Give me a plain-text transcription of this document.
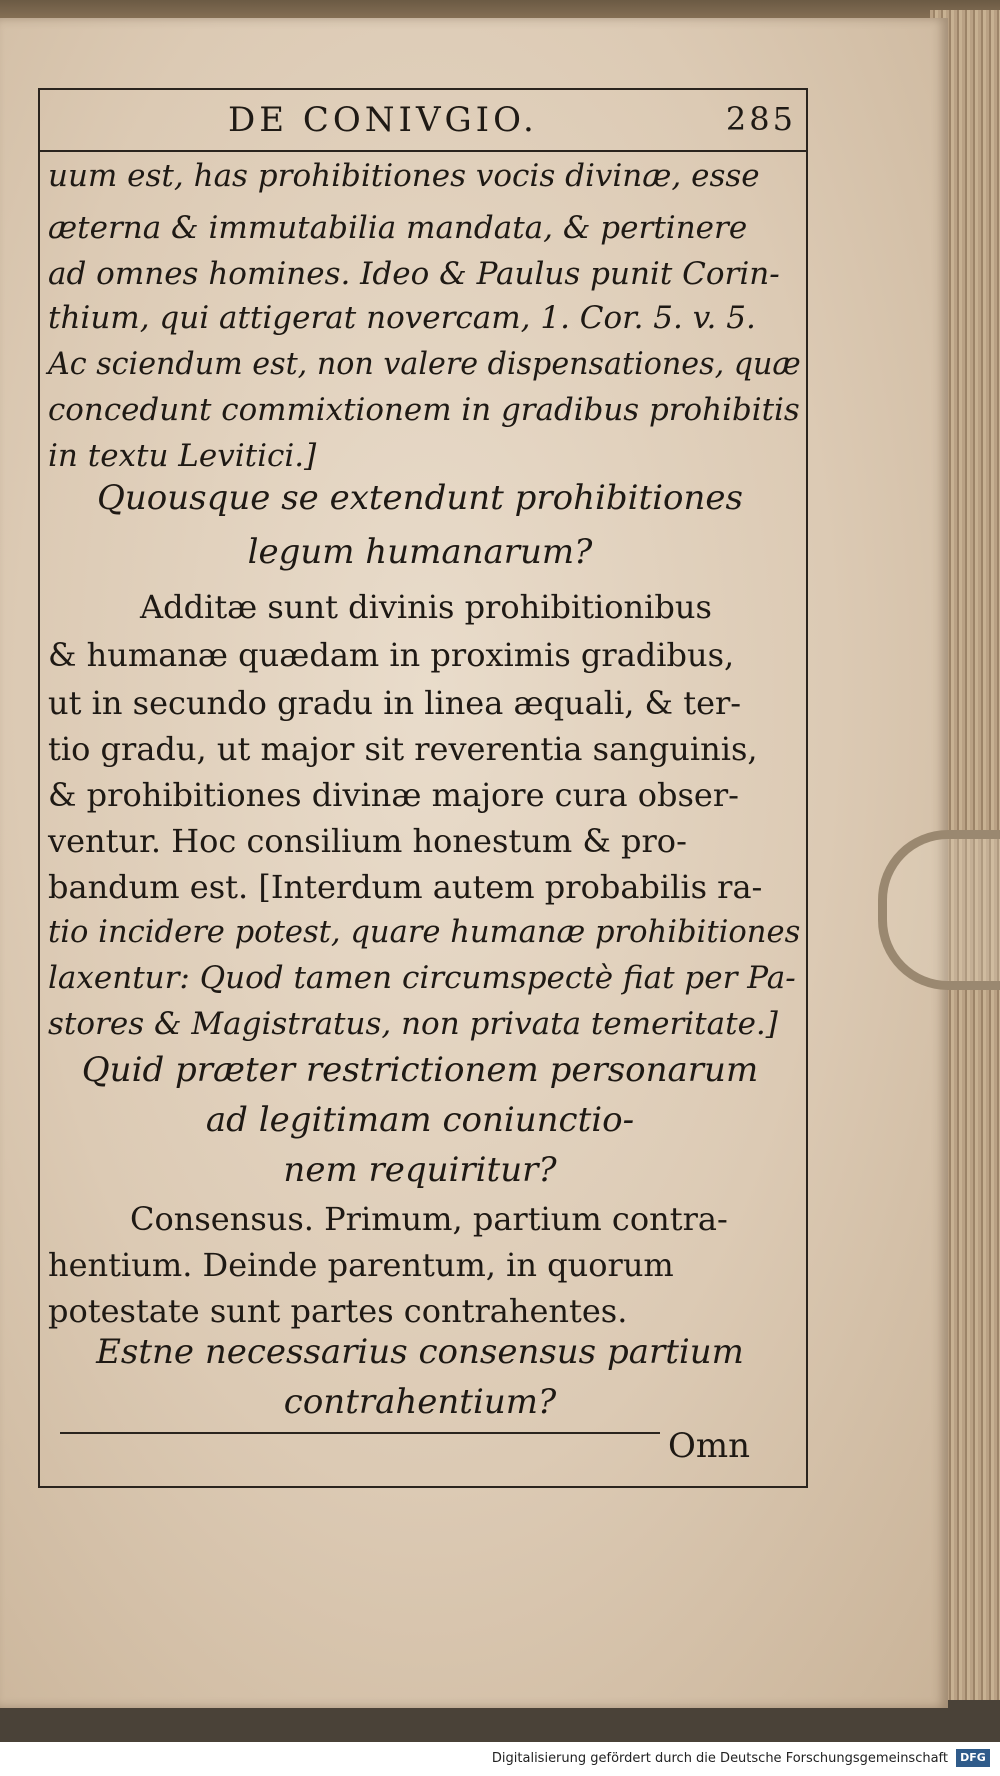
DE CONIVGIO.	285
uum est, has prohibitiones vocis divinæ, esse
æterna & immutabilia mandata, & pertinere
ad omnes homines. Ideo & Paulus punit Corin-
thium, qui attigerat novercam, 1. Cor. 5. v. 5.
Ac sciendum est, non valere dispensationes, quæ
concedunt commixtionem in gradibus prohibitis
in textu Levitici.]
Quousque se extendunt prohibitiones
legum humanarum?
Additæ sunt divinis prohibitionibus
& humanæ quædam in proximis gradibus,
ut in secundo gradu in linea æquali, & ter-
tio gradu, ut major sit reverentia sanguinis,
& prohibitiones divinæ majore cura obser-
ventur. Hoc consilium honestum & pro-
bandum est. [Interdum autem probabilis ra-
tio incidere potest, quare humanæ prohibitiones
laxentur: Quod tamen circumspectè fiat per Pa-
stores & Magistratus, non privata temeritate.]
Quid præter restrictionem personarum
ad legitimam coniunctio-
nem requiritur?
Consensus. Primum, partium contra-
hentium. Deinde parentum, in quorum
potestate sunt partes contrahentes.
Estne necessarius consensus partium
contrahentium?
Omn
Digitalisierung gefördert durch die Deutsche Forschungsgemeinschaft	DFG
